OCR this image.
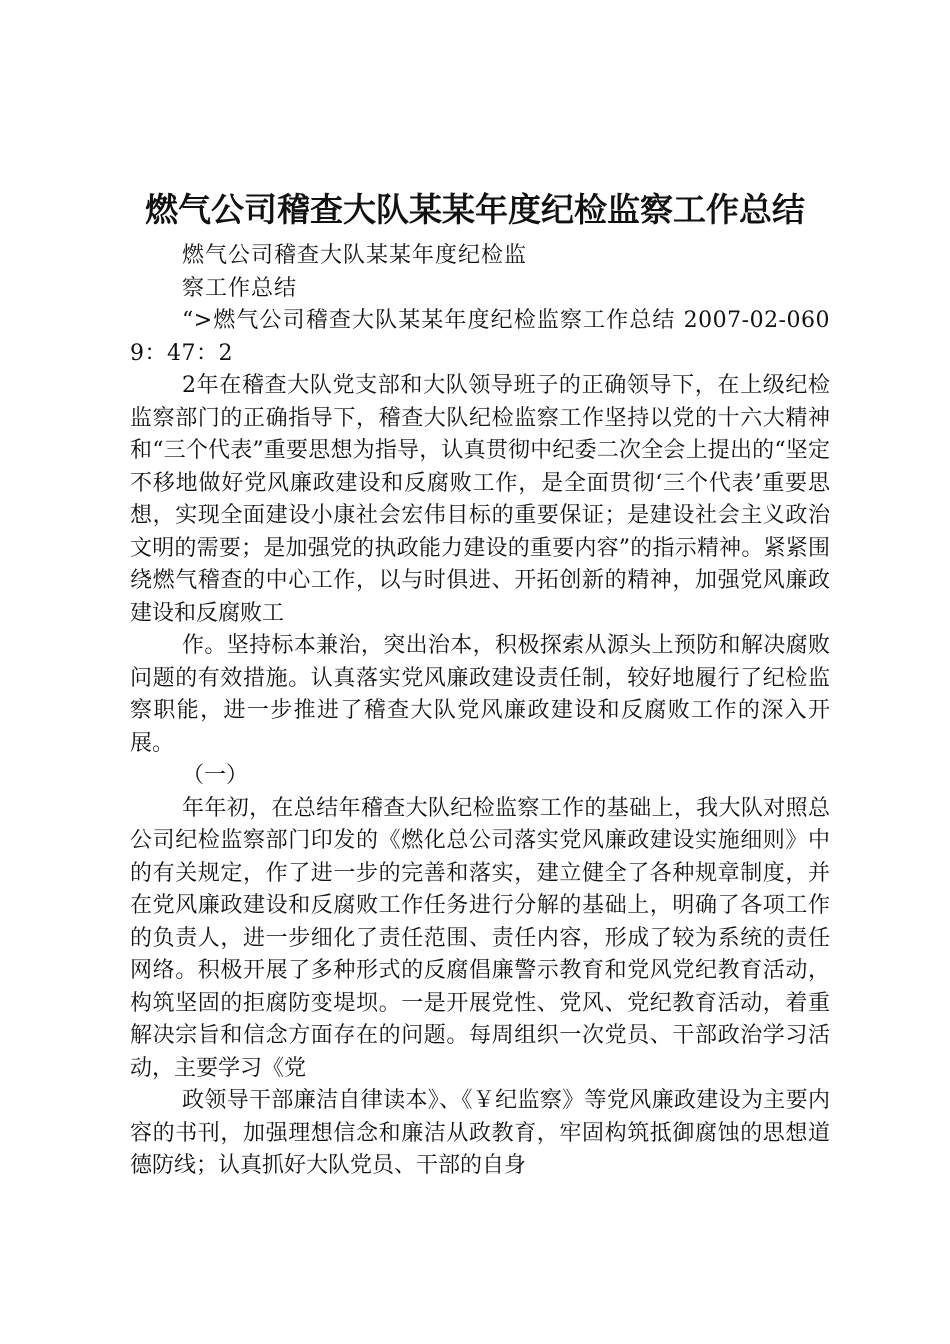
燃气公司稽查大队某某年度纪检监察工作总结

燃气公司稽查大队某某年度纪检监

察工作总结

“>燃气公司稽查大队某某年度纪检监察工作总结 2007-02-0609：47：2

2年在稽查大队党支部和大队领导班子的正确领导下，在上级纪检监察部门的正确指导下，稽查大队纪检监察工作坚持以党的十六大精神和“三个代表”重要思想为指导，认真贯彻中纪委二次全会上提出的“坚定不移地做好党风廉政建设和反腐败工作，是全面贯彻‘三个代表’重要思想，实现全面建设小康社会宏伟目标的重要保证；是建设社会主义政治文明的需要；是加强党的执政能力建设的重要内容”的指示精神。紧紧围绕燃气稽查的中心工作，以与时俱进、开拓创新的精神，加强党风廉政建设和反腐败工

作。坚持标本兼治，突出治本，积极探索从源头上预防和解决腐败问题的有效措施。认真落实党风廉政建设责任制，较好地履行了纪检监察职能，进一步推进了稽查大队党风廉政建设和反腐败工作的深入开展。

（一）

年年初，在总结年稽查大队纪检监察工作的基础上，我大队对照总公司纪检监察部门印发的《燃化总公司落实党风廉政建设实施细则》中的有关规定，作了进一步的完善和落实，建立健全了各种规章制度，并在党风廉政建设和反腐败工作任务进行分解的基础上，明确了各项工作的负责人，进一步细化了责任范围、责任内容，形成了较为系统的责任网络。积极开展了多种形式的反腐倡廉警示教育和党风党纪教育活动，构筑坚固的拒腐防变堤坝。一是开展党性、党风、党纪教育活动，着重解决宗旨和信念方面存在的问题。每周组织一次党员、干部政治学习活动，主要学习《党

政领导干部廉洁自律读本》、《￥纪监察》等党风廉政建设为主要内容的书刊，加强理想信念和廉洁从政教育，牢固构筑抵御腐蚀的思想道德防线；认真抓好大队党员、干部的自身
